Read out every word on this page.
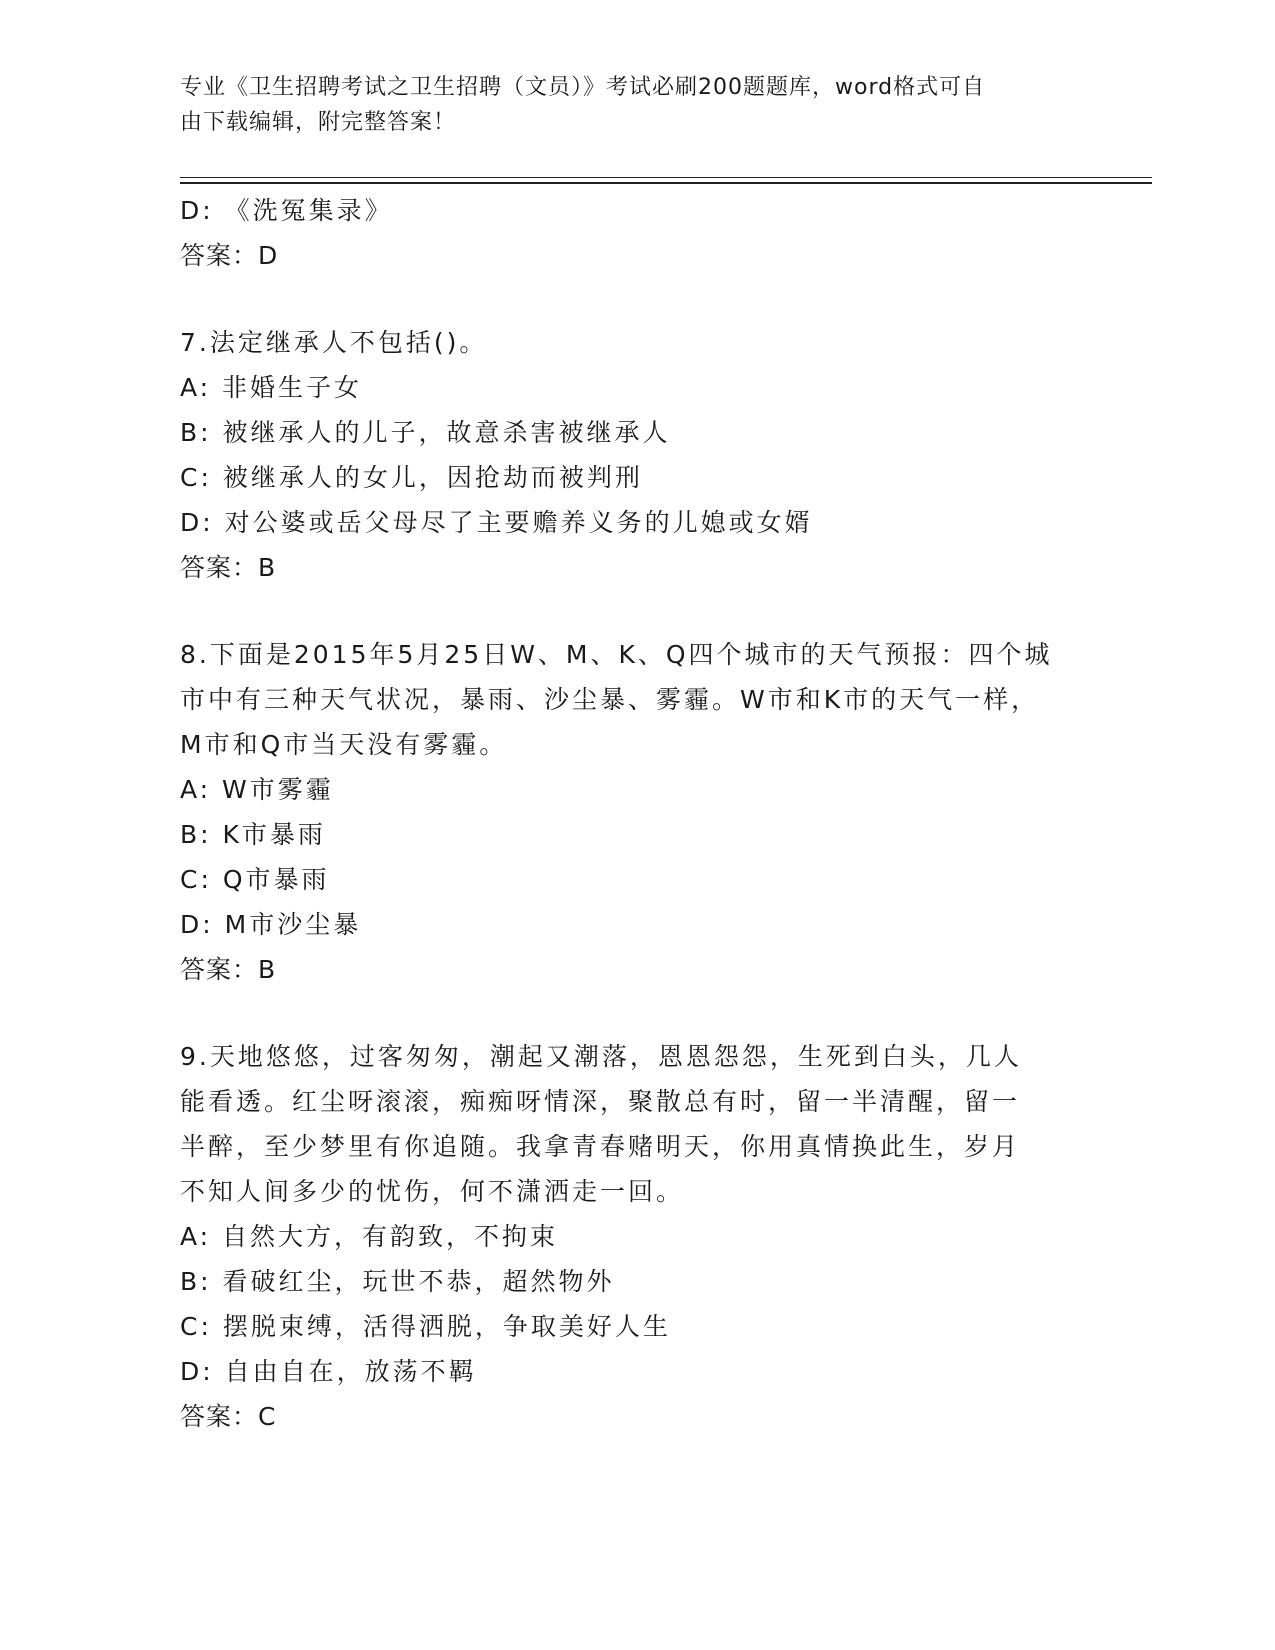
专业《卫生招聘考试之卫生招聘（文员）》考试必刷200题题库，word格式可自
由下载编辑，附完整答案！
D: 《洗冤集录》
答案：D
7.法定继承人不包括()。
A: 非婚生子女
B: 被继承人的儿子，故意杀害被继承人
C: 被继承人的女儿，因抢劫而被判刑
D: 对公婆或岳父母尽了主要赡养义务的儿媳或女婿
答案：B
8.下面是2015年5月25日W、M、K、Q四个城市的天气预报：四个城
市中有三种天气状况，暴雨、沙尘暴、雾霾。W市和K市的天气一样，
M市和Q市当天没有雾霾。
A: W市雾霾
B: K市暴雨
C: Q市暴雨
D: M市沙尘暴
答案：B
9.天地悠悠，过客匆匆，潮起又潮落，恩恩怨怨，生死到白头，几人
能看透。红尘呀滚滚，痴痴呀情深，聚散总有时，留一半清醒，留一
半醉，至少梦里有你追随。我拿青春赌明天，你用真情换此生，岁月
不知人间多少的忧伤，何不潇洒走一回。
A: 自然大方，有韵致，不拘束
B: 看破红尘，玩世不恭，超然物外
C: 摆脱束缚，活得洒脱，争取美好人生
D: 自由自在，放荡不羁
答案：C
